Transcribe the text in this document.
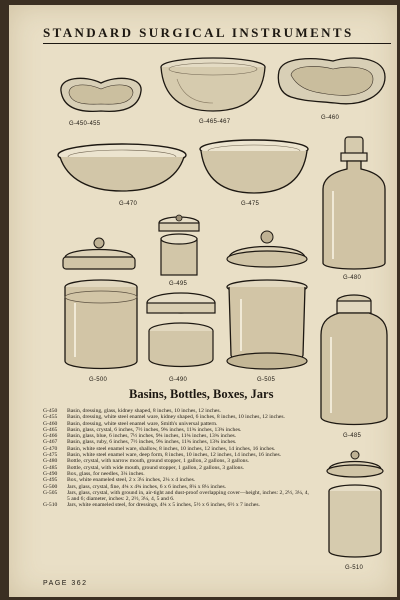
STANDARD SURGICAL INSTRUMENTS
G-450-455	G-465-467
G-460
G-470	G-475
G-480
G-495
G-500	G-490	G-505
G-485
G-510
Basins, Bottles, Boxes, Jars
G-450	Basin, dressing, glass, kidney shaped, 8 inches, 10 inches, 12 inches.
G-455	Basin, dressing, white steel enamel ware, kidney shaped, 6 inches, 8 inches, 10 inches, 12 inches.
G-460	Basin, dressing, white steel enamel ware, Smith's universal pattern.
G-465	Basin, glass, crystal, 6 inches, 7½ inches, 9¾ inches, 11¾ inches, 13¾ inches.
G-466	Basin, glass, blue, 6 inches, 7½ inches, 9¾ inches, 11¾ inches, 13¾ inches.
G-467	Basin, glass, ruby, 6 inches, 7½ inches, 9¾ inches, 11¾ inches, 13¾ inches.
G-470	Basin, white steel enamel ware, shallow, 8 inches, 10 inches, 12 inches, 14 inches, 16 inches.
G-475	Basin, white steel enamel ware, deep form, 8 inches, 10 inches, 12 inches, 14 inches, 16 inches.
G-480	Bottle, crystal, with narrow mouth, ground stopper, 1 gallon, 2 gallons, 3 gallons.
G-485	Bottle, crystal, with wide mouth, ground stopper, 1 gallon, 2 gallons, 3 gallons.
G-490	Box, glass, for needles, 3¼ inches.
G-495	Box, white enameled steel, 2 x 3¼ inches, 2¼ x 4 inches.
G-500	Jars, glass, crystal, fine, 4¾ x 4¾ inches, 6 x 6 inches, 8¼ x 8¼ inches.
G-505	Jars, glass, crystal, with ground in, air-tight and dust-proof overlapping cover—height, inches: 2, 2½, 3¼, 4, 5 and 6; diameter, inches: 2, 2½, 3¼, 4, 5 and 6.
G-510	Jars, white enameled steel, for dressings, 4¾ x 5 inches, 5½ x 6 inches, 6½ x 7 inches.
PAGE 362
